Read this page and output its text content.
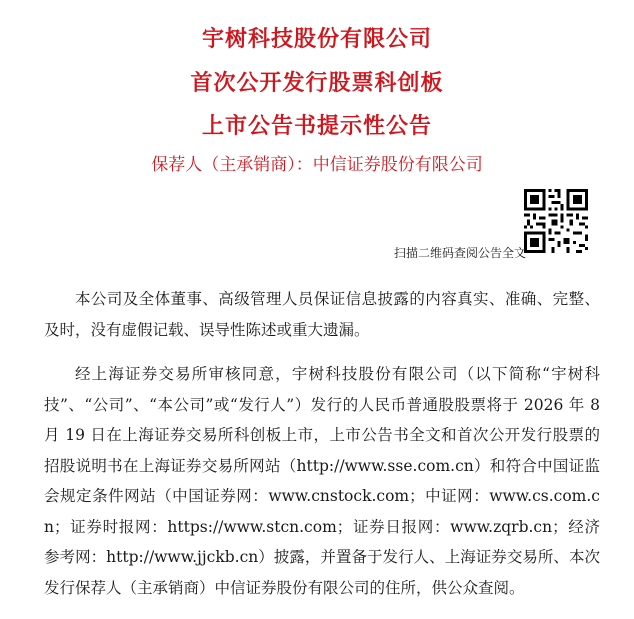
宇树科技股份有限公司
首次公开发行股票科创板
上市公告书提示性公告
保荐人（主承销商）：中信证券股份有限公司
扫描二维码查阅公告全文

本公司及全体董事、高级管理人员保证信息披露的内容真实、准确、完整、及时，没有虚假记载、误导性陈述或重大遗漏。

经上海证券交易所审核同意，宇树科技股份有限公司（以下简称“宇树科技”、“公司”、“本公司”或“发行人”）发行的人民币普通股股票将于 2026 年 8 月 19 日在上海证券交易所科创板上市，上市公告书全文和首次公开发行股票的招股说明书在上海证券交易所网站（http://www.sse.com.cn）和符合中国证监会规定条件网站（中国证券网：www.cnstock.com；中证网：www.cs.com.cn；证券时报网：https://www.stcn.com；证券日报网：www.zqrb.cn；经济参考网：http://www.jjckb.cn）披露，并置备于发行人、上海证券交易所、本次发行保荐人（主承销商）中信证券股份有限公司的住所，供公众查阅。
